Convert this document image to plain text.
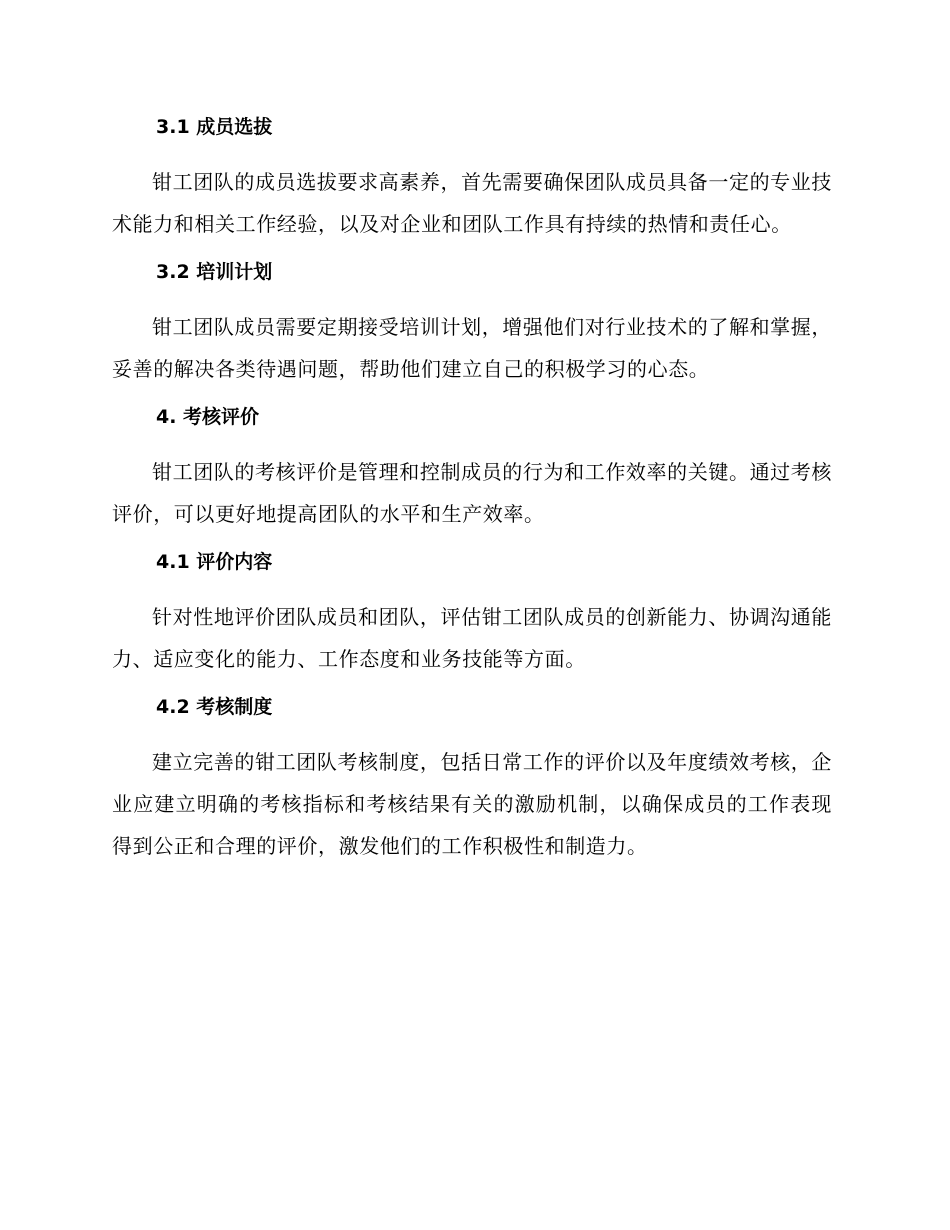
3.1 成员选拔

钳工团队的成员选拔要求高素养，首先需要确保团队成员具备一定的专业技术能力和相关工作经验，以及对企业和团队工作具有持续的热情和责任心。

3.2 培训计划

钳工团队成员需要定期接受培训计划，增强他们对行业技术的了解和掌握，妥善的解决各类待遇问题，帮助他们建立自己的积极学习的心态。

4. 考核评价

钳工团队的考核评价是管理和控制成员的行为和工作效率的关键。通过考核评价，可以更好地提高团队的水平和生产效率。

4.1 评价内容

针对性地评价团队成员和团队，评估钳工团队成员的创新能力、协调沟通能力、适应变化的能力、工作态度和业务技能等方面。

4.2 考核制度

建立完善的钳工团队考核制度，包括日常工作的评价以及年度绩效考核，企业应建立明确的考核指标和考核结果有关的激励机制，以确保成员的工作表现得到公正和合理的评价，激发他们的工作积极性和制造力。
